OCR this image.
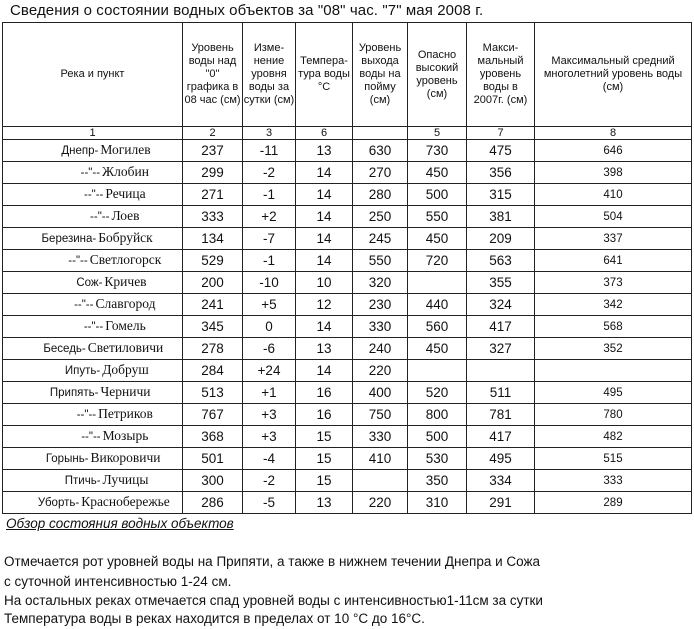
Сведения о состоянии водных объектов за "08" час. "7" мая 2008 г.
Река и пункт	Уровень воды над "0" графика в 08 час (см)	Изме-нение уровня воды за сутки (см)	Темпера-тура воды °С	Уровень выхода воды на пойму (см)	Опасно высокий уровень (см)	Макси-мальный уровень воды в 2007г. (см)	Максимальный средний многолетний уровень воды (см)
1	2	3	6		5	7	8
Днепр- Могилев	237	-11	13	630	730	475	646
--"-- Жлобин	299	-2	14	270	450	356	398
--"-- Речица	271	-1	14	280	500	315	410
--"-- Лоев	333	+2	14	250	550	381	504
Березина- Бобруйск	134	-7	14	245	450	209	337
--"-- Светлогорск	529	-1	14	550	720	563	641
Сож- Кричев	200	-10	10	320		355	373
--"-- Славгород	241	+5	12	230	440	324	342
--"-- Гомель	345	0	14	330	560	417	568
Беседь- Светиловичи	278	-6	13	240	450	327	352
Ипуть- Добруш	284	+24	14	220			
Припять- Черничи	513	+1	16	400	520	511	495
--"-- Петриков	767	+3	16	750	800	781	780
--"-- Мозырь	368	+3	15	330	500	417	482
Горынь- Викоровичи	501	-4	15	410	530	495	515
Птичь- Лучицы	300	-2	15		350	334	333
Уборть- Краснобережье	286	-5	13	220	310	291	289
Обзор состояния водных объектов
Отмечается рот уровней воды на Припяти, а также в нижнем течении Днепра и Сожа
с суточной интенсивностью 1-24 см.
На остальных реках отмечается спад уровней воды с интенсивностью1-11см за сутки
Температура воды в реках находится в пределах от 10 °С до 16°С.
